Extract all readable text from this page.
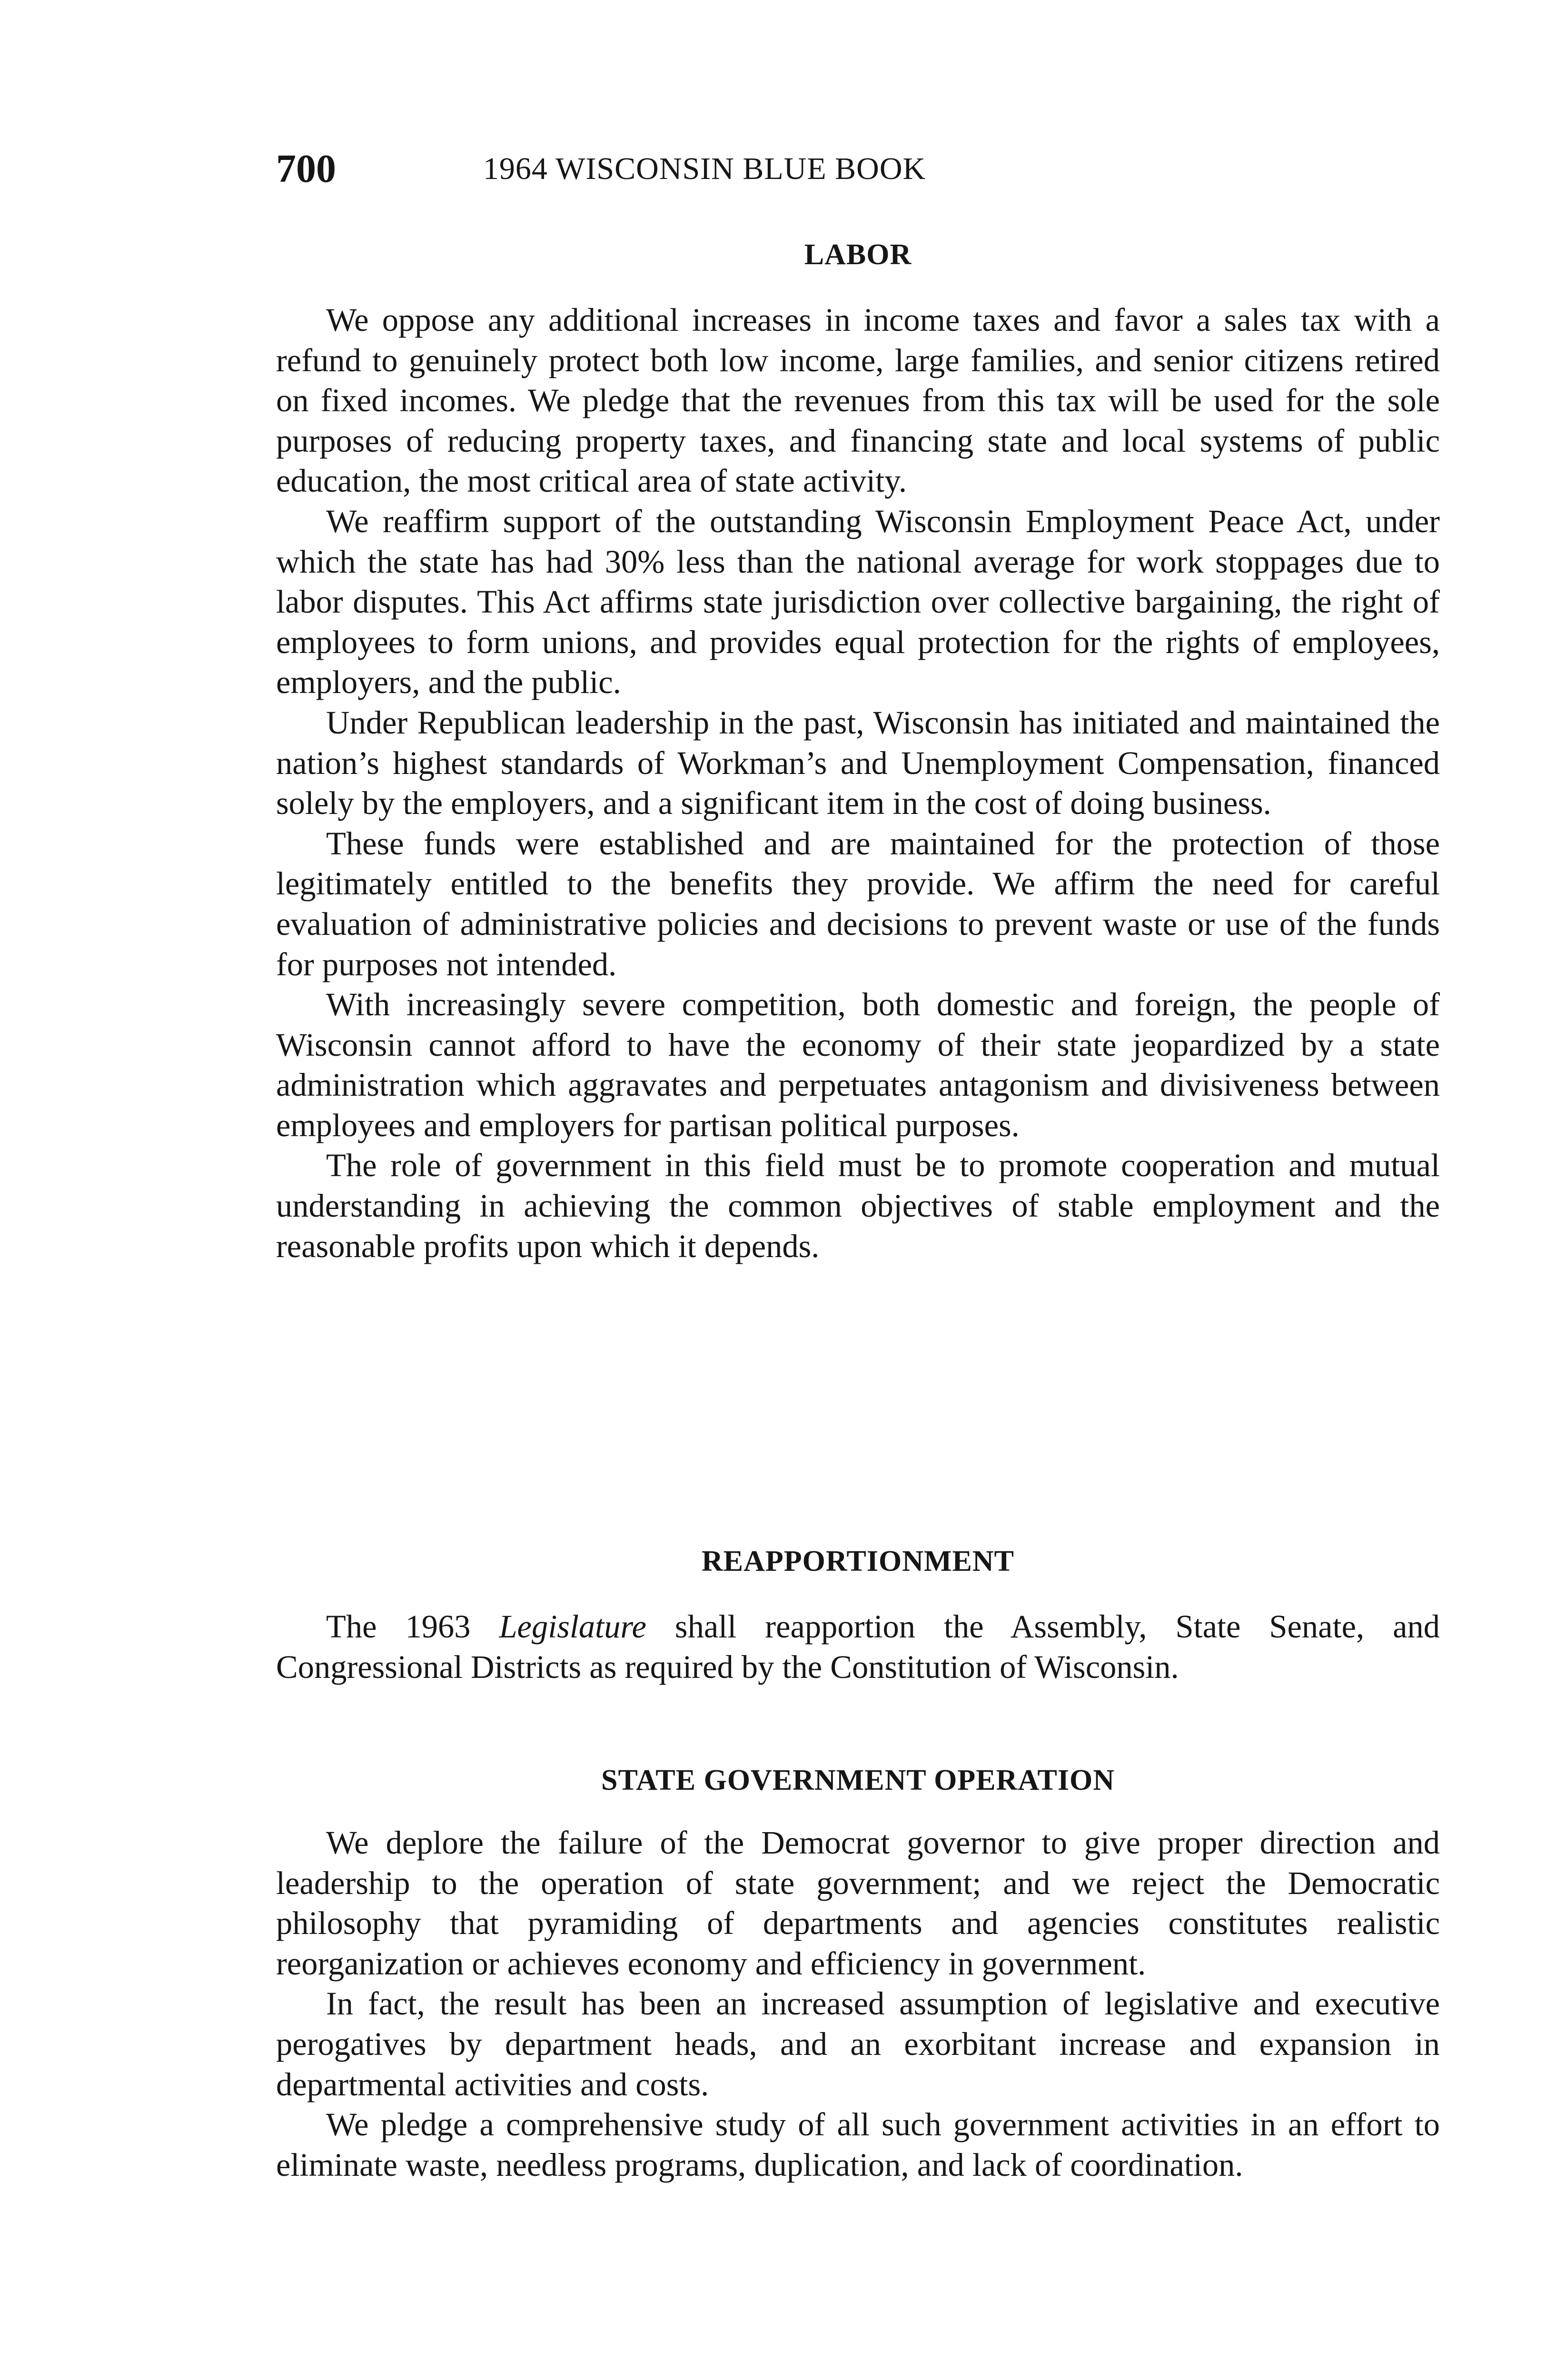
700	1964 WISCONSIN BLUE BOOK
LABOR

We oppose any additional increases in income taxes and favor a sales tax with a refund to genuinely protect both low income, large families, and senior citizens retired on fixed incomes. We pledge that the revenues from this tax will be used for the sole purposes of reducing property taxes, and financing state and local systems of public education, the most critical area of state activity.

We reaffirm support of the outstanding Wisconsin Employment Peace Act, under which the state has had 30% less than the national average for work stoppages due to labor disputes. This Act affirms state jurisdiction over collective bargaining, the right of employees to form unions, and provides equal protection for the rights of employees, employers, and the public.

Under Republican leadership in the past, Wisconsin has initiated and maintained the nation’s highest standards of Workman’s and Unemployment Compensation, financed solely by the employers, and a significant item in the cost of doing business.

These funds were established and are maintained for the protection of those legitimately entitled to the benefits they provide. We affirm the need for careful evaluation of administrative policies and decisions to prevent waste or use of the funds for purposes not intended.

With increasingly severe competition, both domestic and foreign, the people of Wisconsin cannot afford to have the economy of their state jeopardized by a state administration which aggravates and perpetuates antagonism and divisiveness between employees and employers for partisan political purposes.

The role of government in this field must be to promote cooperation and mutual understanding in achieving the common objectives of stable employment and the reasonable profits upon which it depends.

REAPPORTIONMENT

The 1963 Legislature shall reapportion the Assembly, State Senate, and Congressional Districts as required by the Constitution of Wisconsin.

STATE GOVERNMENT OPERATION

We deplore the failure of the Democrat governor to give proper direction and leadership to the operation of state government; and we reject the Democratic philosophy that pyramiding of departments and agencies constitutes realistic reorganization or achieves economy and efficiency in government.

In fact, the result has been an increased assumption of legislative and executive perogatives by department heads, and an exorbitant increase and expansion in departmental activities and costs.

We pledge a comprehensive study of all such government activities in an effort to eliminate waste, needless programs, duplication, and lack of coordination.
